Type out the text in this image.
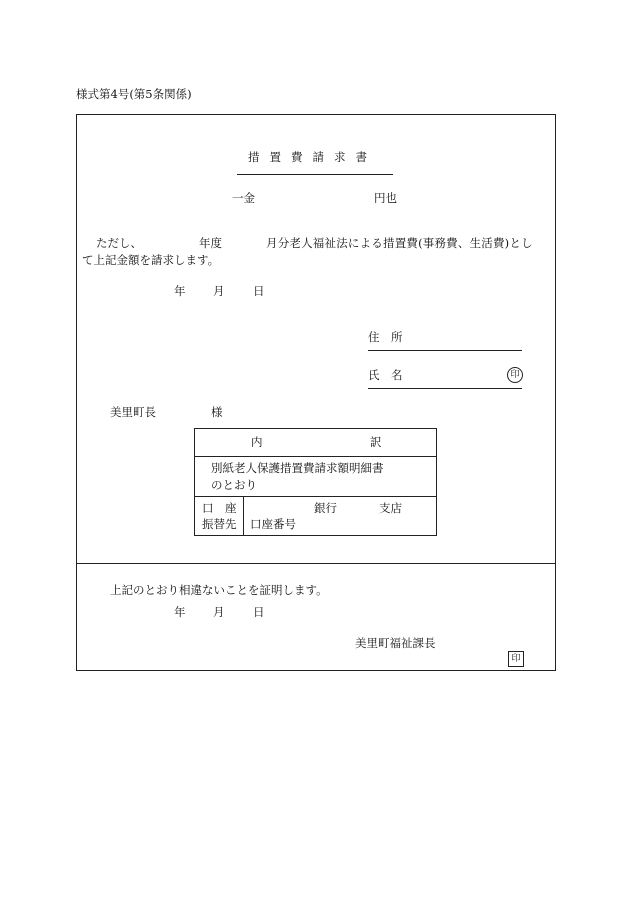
様式第4号(第5条関係)
措置費請求書
一金	円也
ただし、	年度	月分老人福祉法による措置費(事務費、生活費)とし
て上記金額を請求します。
年 月 日
住　所
氏　名	印
美里町長	様
内	訳

別紙老人保護措置費請求額明細書
のとおり

口　座
振替先

銀行	支店
口座番号
上記のとおり相違ないことを証明します。
年 月 日
美里町福祉課長
印
